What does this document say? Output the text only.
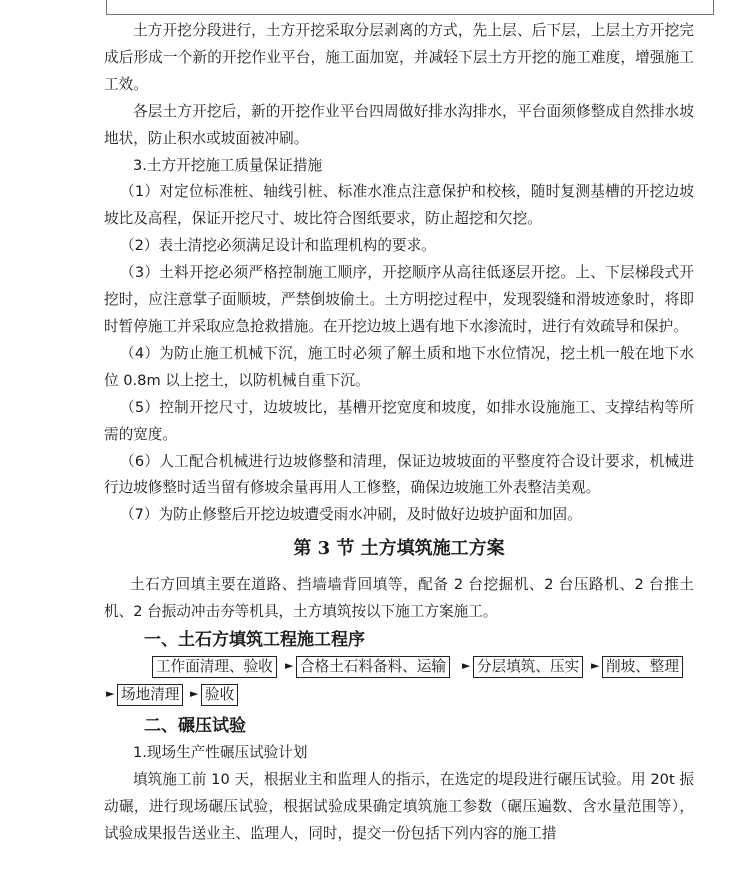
土方开挖分段进行，土方开挖采取分层剥离的方式，先上层、后下层，上层土方开挖完成后形成一个新的开挖作业平台，施工面加宽，并减轻下层土方开挖的施工难度，增强施工工效。

各层土方开挖后，新的开挖作业平台四周做好排水沟排水，平台面须修整成自然排水坡地状，防止积水或坡面被冲刷。

3.土方开挖施工质量保证措施

（1）对定位标准桩、轴线引桩、标准水准点注意保护和校核，随时复测基槽的开挖边坡坡比及高程，保证开挖尺寸、坡比符合图纸要求，防止超挖和欠挖。

（2）表土清挖必须满足设计和监理机构的要求。

（3）土料开挖必须严格控制施工顺序，开挖顺序从高往低逐层开挖。上、下层梯段式开挖时，应注意掌子面顺坡，严禁倒坡偷土。土方明挖过程中，发现裂缝和滑坡迹象时，将即时暂停施工并采取应急抢救措施。在开挖边坡上遇有地下水渗流时，进行有效疏导和保护。

（4）为防止施工机械下沉，施工时必须了解土质和地下水位情况，挖土机一般在地下水位 0.8m 以上挖土，以防机械自重下沉。

（5）控制开挖尺寸，边坡坡比，基槽开挖宽度和坡度，如排水设施施工、支撑结构等所需的宽度。

（6）人工配合机械进行边坡修整和清理，保证边坡坡面的平整度符合设计要求，机械进行边坡修整时适当留有修坡余量再用人工修整，确保边坡施工外表整洁美观。

（7）为防止修整后开挖边坡遭受雨水冲刷，及时做好边坡护面和加固。

第 3 节 土方填筑施工方案

土石方回填主要在道路、挡墙墙背回填等，配备 2 台挖掘机、2 台压路机、2 台推土机、2 台振动冲击夯等机具，土方填筑按以下施工方案施工。

一、土石方填筑工程施工程序
工作面清理、验收	► 合格土石料备料、运输	► 分层填筑、压实	► 削坡、整理
► 场地清理 ► 验收
二、碾压试验

1.现场生产性碾压试验计划

填筑施工前 10 天，根据业主和监理人的指示，在选定的堤段进行碾压试验。用 20t 振动碾，进行现场碾压试验，根据试验成果确定填筑施工参数（碾压遍数、含水量范围等），试验成果报告送业主、监理人，同时，提交一份包括下列内容的施工措
